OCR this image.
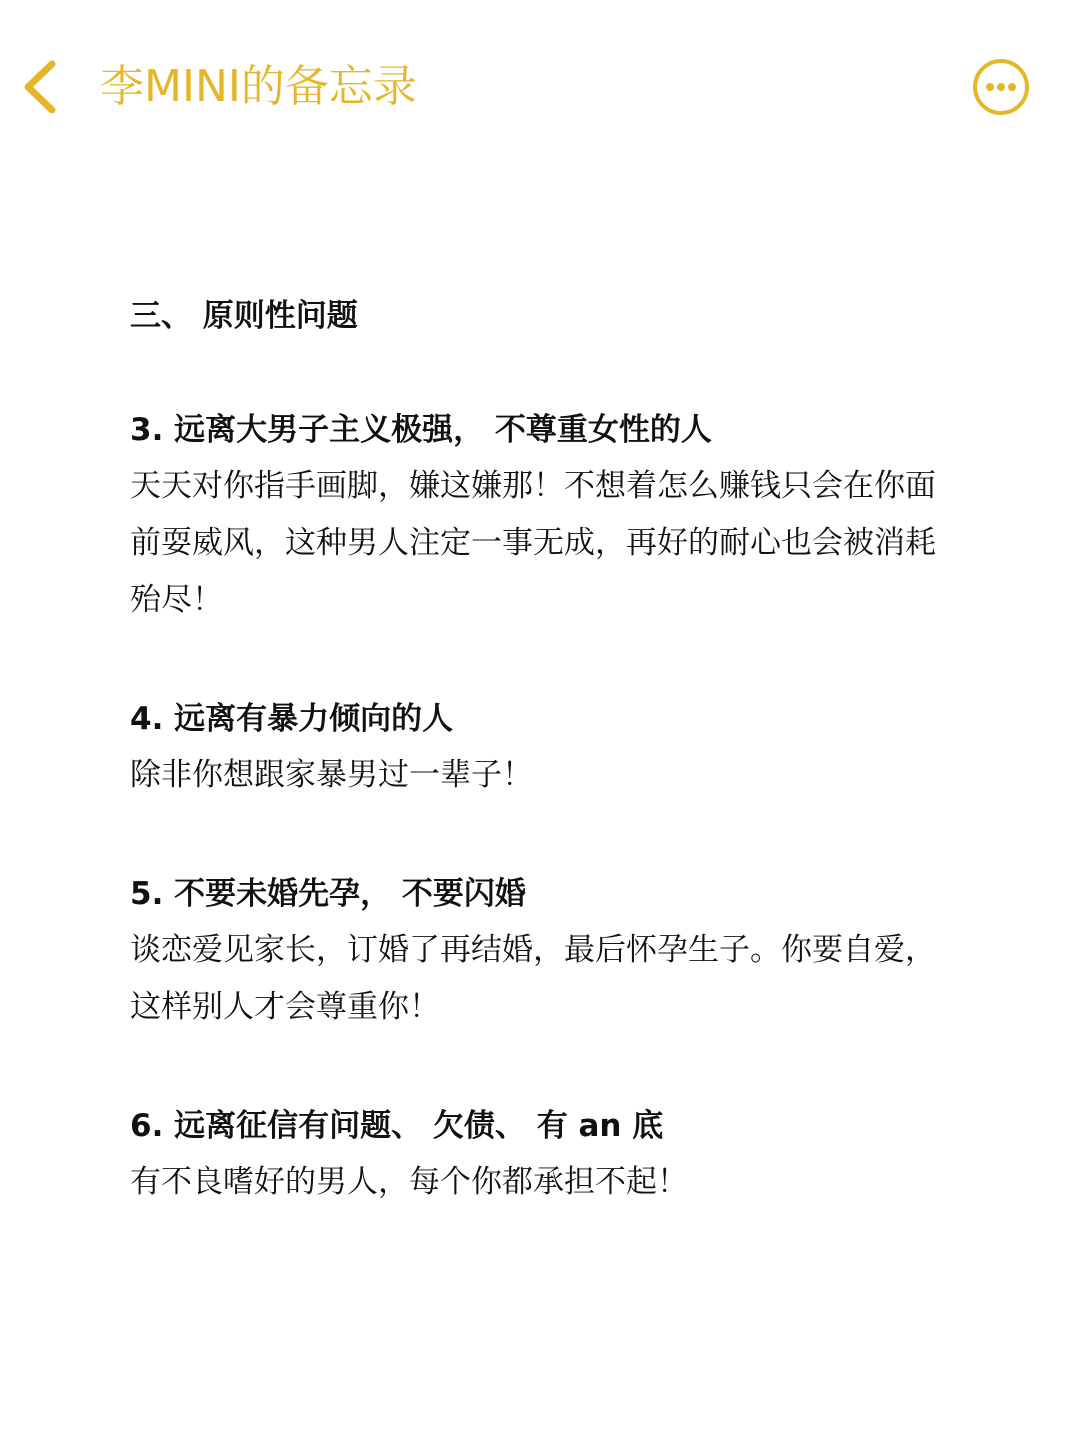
李MINI的备忘录

三、 原则性问题

3. 远离大男子主义极强， 不尊重女性的人

天天对你指手画脚，嫌这嫌那！不想着怎么赚钱只会在你面前耍威风，这种男人注定一事无成，再好的耐心也会被消耗殆尽！

4. 远离有暴力倾向的人

除非你想跟家暴男过一辈子！

5. 不要未婚先孕， 不要闪婚

谈恋爱见家长，订婚了再结婚，最后怀孕生子。你要自爱，这样别人才会尊重你！

6. 远离征信有问题、 欠债、 有 an 底

有不良嗜好的男人，每个你都承担不起！
